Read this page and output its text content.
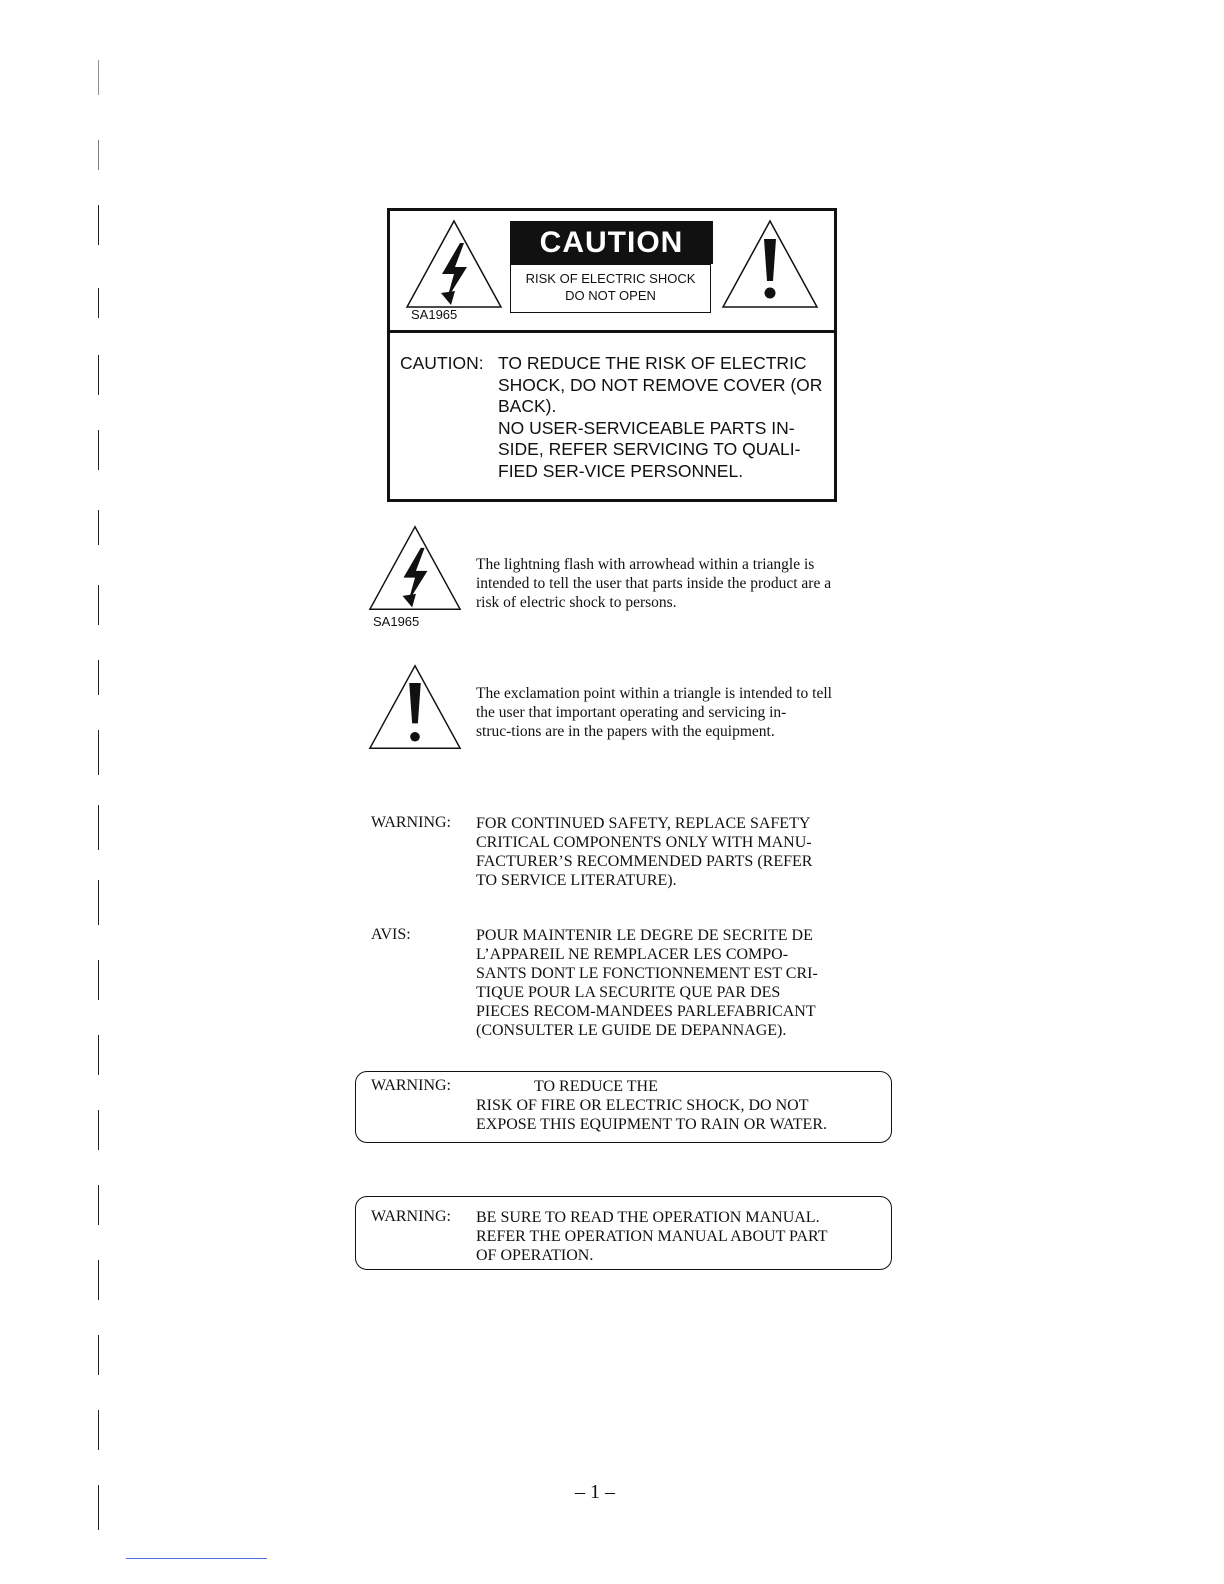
SA1965
CAUTION
RISK OF ELECTRIC SHOCK
DO NOT OPEN
CAUTION: TO REDUCE THE RISK OF ELECTRIC
SHOCK, DO NOT REMOVE COVER (OR
BACK).
NO USER-SERVICEABLE PARTS IN-
SIDE, REFER SERVICING TO QUALI-
FIED SER-VICE PERSONNEL.
SA1965
The lightning flash with arrowhead within a triangle is
intended to tell the user that parts inside the product are a
risk of electric shock to persons.
The exclamation point within a triangle is intended to tell
the user that important operating and servicing in-
struc-tions are in the papers with the equipment.
WARNING: FOR CONTINUED SAFETY, REPLACE SAFETY
CRITICAL COMPONENTS ONLY WITH MANU-
FACTURER’S RECOMMENDED PARTS (REFER
TO SERVICE LITERATURE).
AVIS:	POUR MAINTENIR LE DEGRE DE SECRITE DE
L’APPAREIL NE REMPLACER LES COMPO-
SANTS DONT LE FONCTIONNEMENT EST CRI-
TIQUE POUR LA SECURITE QUE PAR DES
PIECES RECOM-MANDEES PARLEFABRICANT
(CONSULTER LE GUIDE DE DEPANNAGE).
WARNING:	TO REDUCE THE
RISK OF FIRE OR ELECTRIC SHOCK, DO NOT
EXPOSE THIS EQUIPMENT TO RAIN OR WATER.
WARNING: BE SURE TO READ THE OPERATION MANUAL.
REFER THE OPERATION MANUAL ABOUT PART
OF OPERATION.
– 1 –
